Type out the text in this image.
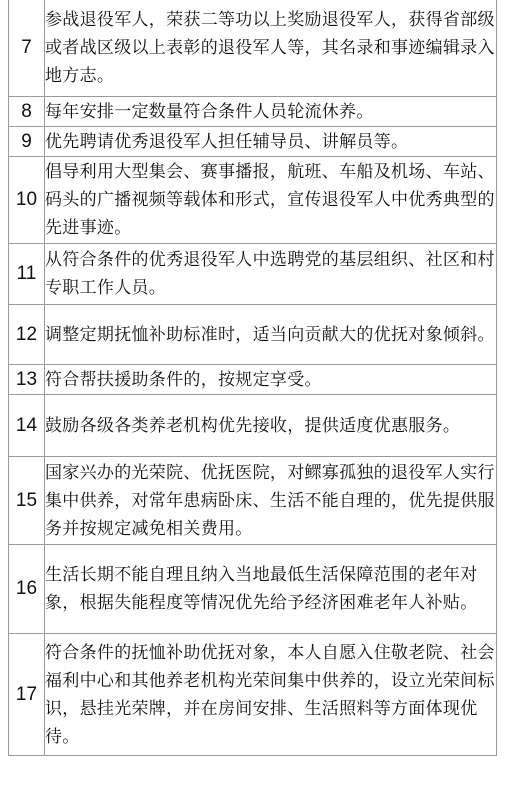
7	参战退役军人，荣获二等功以上奖励退役军人，获得省部级或者战区级以上表彰的退役军人等，其名录和事迹编辑录入地方志。
8	每年安排一定数量符合条件人员轮流休养。
9	优先聘请优秀退役军人担任辅导员、讲解员等。
10	倡导利用大型集会、赛事播报，航班、车船及机场、车站、码头的广播视频等载体和形式，宣传退役军人中优秀典型的先进事迹。
11	从符合条件的优秀退役军人中选聘党的基层组织、社区和村专职工作人员。
12	调整定期抚恤补助标准时，适当向贡献大的优抚对象倾斜。
13	符合帮扶援助条件的，按规定享受。
14	鼓励各级各类养老机构优先接收，提供适度优惠服务。
15	国家兴办的光荣院、优抚医院，对鳏寡孤独的退役军人实行集中供养，对常年患病卧床、生活不能自理的，优先提供服务并按规定减免相关费用。
16	生活长期不能自理且纳入当地最低生活保障范围的老年对象，根据失能程度等情况优先给予经济困难老年人补贴。
17	符合条件的抚恤补助优抚对象，本人自愿入住敬老院、社会福利中心和其他养老机构光荣间集中供养的，设立光荣间标识，悬挂光荣牌，并在房间安排、生活照料等方面体现优待。
